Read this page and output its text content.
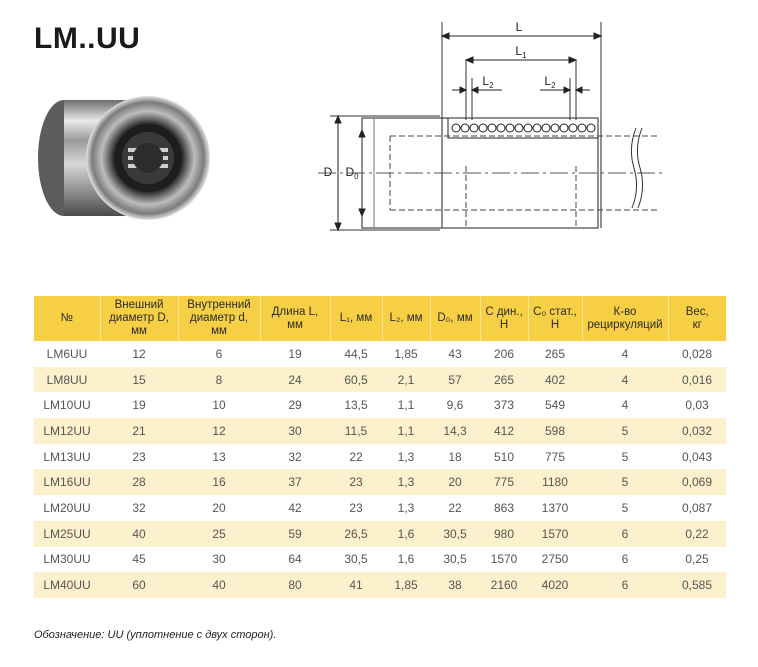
LM..UU	L
$L_1$
$L_2$	$L_2$
D $D_0$
№	Внешний
диаметр D,
мм	Внутренний
диаметр d,
мм	Длина L,
мм	L₁, мм	L₂, мм	D₀, мм	С дин.,
Н	С₀ стат.,
Н	К-во
рециркуляций	Вес,
кг
LM6UU	12	6	19	44,5	1,85	43	206	265	4	0,028
LM8UU	15	8	24	60,5	2,1	57	265	402	4	0,016
LM10UU	19	10	29	13,5	1,1	9,6	373	549	4	0,03
LM12UU	21	12	30	11,5	1,1	14,3	412	598	5	0,032
LM13UU	23	13	32	22	1,3	18	510	775	5	0,043
LM16UU	28	16	37	23	1,3	20	775	1180	5	0,069
LM20UU	32	20	42	23	1,3	22	863	1370	5	0,087
LM25UU	40	25	59	26,5	1,6	30,5	980	1570	6	0,22
LM30UU	45	30	64	30,5	1,6	30,5	1570	2750	6	0,25
LM40UU	60	40	80	41	1,85	38	2160	4020	6	0,585
Обозначение: UU (уплотнение с двух сторон).
